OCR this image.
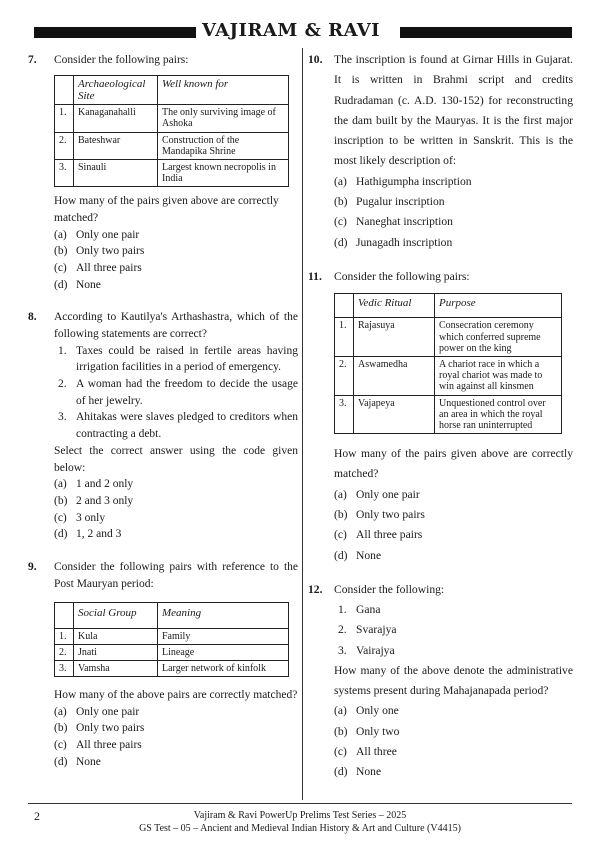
VAJIRAM & RAVI
7. Consider the following pairs:
	Archaeological Site	Well known for
1.	Kanaganahalli	The only surviving image of Ashoka
2.	Bateshwar	Construction of the Mandapika Shrine
3.	Sinauli	Largest known necropolis in India
How many of the pairs given above are correctly matched?
(a) Only one pair
(b) Only two pairs
(c) All three pairs
(d) None
8. According to Kautilya's Arthashastra, which of the following statements are correct?
1. Taxes could be raised in fertile areas having irrigation facilities in a period of emergency.
2. A woman had the freedom to decide the usage of her jewelry.
3. Ahitakas were slaves pledged to creditors when contracting a debt.
Select the correct answer using the code given below:
(a) 1 and 2 only
(b) 2 and 3 only
(c) 3 only
(d) 1, 2 and 3
9. Consider the following pairs with reference to the Post Mauryan period:
	Social Group	Meaning
1.	Kula	Family
2.	Jnati	Lineage
3.	Vamsha	Larger network of kinfolk
How many of the above pairs are correctly matched?
(a) Only one pair
(b) Only two pairs
(c) All three pairs
(d) None
10. The inscription is found at Girnar Hills in Gujarat. It is written in Brahmi script and credits Rudradaman (c. A.D. 130-152) for reconstructing the dam built by the Mauryas. It is the first major inscription to be written in Sanskrit. This is the most likely description of:
(a) Hathigumpha inscription
(b) Pugalur inscription
(c) Naneghat inscription
(d) Junagadh inscription
11. Consider the following pairs:
	Vedic Ritual	Purpose
1.	Rajasuya	Consecration ceremony which conferred supreme power on the king
2.	Aswamedha	A chariot race in which a royal chariot was made to win against all kinsmen
3.	Vajapeya	Unquestioned control over an area in which the royal horse ran uninterrupted
How many of the pairs given above are correctly matched?
(a) Only one pair
(b) Only two pairs
(c) All three pairs
(d) None
12. Consider the following:
1. Gana
2. Svarajya
3. Vairajya
How many of the above denote the administrative systems present during Mahajanapada period?
(a) Only one
(b) Only two
(c) All three
(d) None
2	Vajiram & Ravi PowerUp Prelims Test Series – 2025
GS Test – 05 – Ancient and Medieval Indian History & Art and Culture (V4415)
